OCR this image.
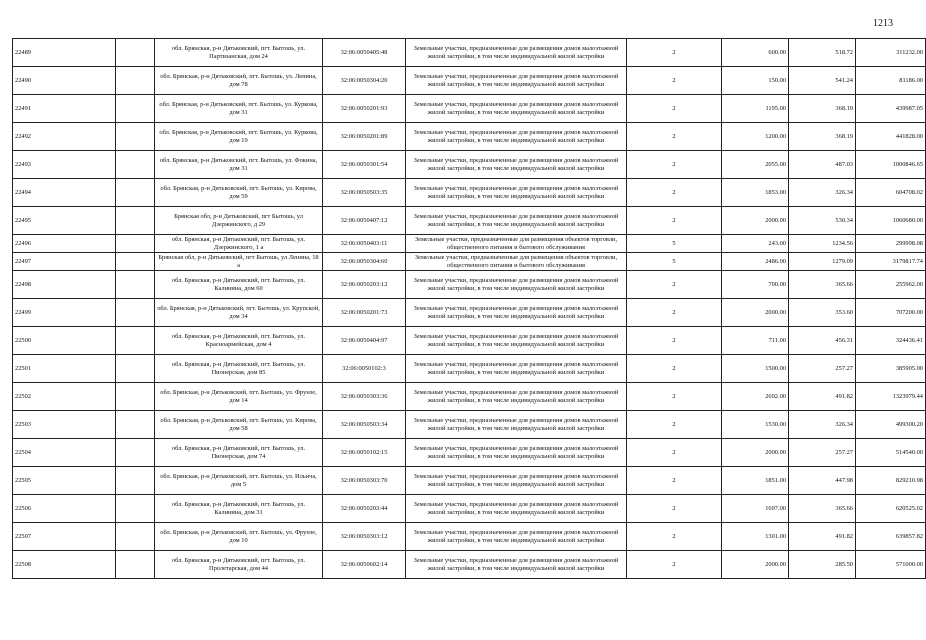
1213
22489		обл. Брянская, р-н Дятьковский, пгт. Бытошь, ул. Партизанская, дом 24	32:06:0050405:48	Земельные участки, предназначенные для размещения домов малоэтажной жилой застройки, в том числе индивидуальной жилой застройки	2	600.00	518.72	311232.00
22490		обл. Брянская, р-н Дятьковский, пгт. Бытошь, ул. Ленина, дом 78	32:06:0050304:20	Земельные участки, предназначенные для размещения домов малоэтажной жилой застройки, в том числе индивидуальной жилой застройки	2	150.00	541.24	81186.00
22491		обл. Брянская, р-н Дятьковский, пгт. Бытошь, ул. Куркова, дом 31	32:06:0050201:93	Земельные участки, предназначенные для размещения домов малоэтажной жилой застройки, в том числе индивидуальной жилой застройки	2	1195.00	368.19	439987.05
22492		обл. Брянская, р-н Дятьковский, пгт. Бытошь, ул. Куркова, дом 19	32:06:0050201:89	Земельные участки, предназначенные для размещения домов малоэтажной жилой застройки, в том числе индивидуальной жилой застройки	2	1200.00	368.19	441828.00
22493		обл. Брянская, р-н Дятьковский, пгт. Бытошь, ул. Фокина, дом 31	32:06:0050301:54	Земельные участки, предназначенные для размещения домов малоэтажной жилой застройки, в том числе индивидуальной жилой застройки	2	2055.00	487.03	1000846.65
22494		обл. Брянская, р-н Дятьковский, пгт. Бытошь, ул. Кирова, дом 59	32:06:0050503:35	Земельные участки, предназначенные для размещения домов малоэтажной жилой застройки, в том числе индивидуальной жилой застройки	2	1853.00	326.34	604708.02
22495		Брянская обл, р-н Дятьковский, пгт Бытошь, ул Дзержинского, д 29	32:06:0050407:12	Земельные участки, предназначенные для размещения домов малоэтажной жилой застройки, в том числе индивидуальной жилой застройки	2	2000.00	530.34	1060680.00
22496		обл. Брянская, р-н Дятьковский, пгт. Бытошь, ул. Дзержинского, 1 а	32:06:0050403:11	Земельные участки, предназначенные для размещения объектов торговли, общественного питания и бытового обслуживания	5	243.00	1234.56	299998.08
22497		Брянская обл, р-н Дятьковский, пгт Бытошь, ул Ленина, 18 а	32:06:0050304:60	Земельные участки, предназначенные для размещения объектов торговли, общественного питания и бытового обслуживания	5	2486.00	1279.09	3179817.74
22498		обл. Брянская, р-н Дятьковский, пгт. Бытошь, ул. Калинина, дом 60	32:06:0050203:12	Земельные участки, предназначенные для размещения домов малоэтажной жилой застройки, в том числе индивидуальной жилой застройки	2	700.00	365.66	255962.00
22499		обл. Брянская, р-н Дятьковский, пгт. Бытошь, ул. Крупской, дом 34	32:06:0050201:73	Земельные участки, предназначенные для размещения домов малоэтажной жилой застройки, в том числе индивидуальной жилой застройки	2	2000.00	353.60	707200.00
22500		обл. Брянская, р-н Дятьковский, пгт. Бытошь, ул. Красноармейская, дом 4	32:06:0050404:97	Земельные участки, предназначенные для размещения домов малоэтажной жилой застройки, в том числе индивидуальной жилой застройки	2	711.00	456.31	324436.41
22501		обл. Брянская, р-н Дятьковский, пгт. Бытошь, ул. Пионерская, дом 85	32:06:0050102:3	Земельные участки, предназначенные для размещения домов малоэтажной жилой застройки, в том числе индивидуальной жилой застройки	2	1500.00	257.27	385905.00
22502		обл. Брянская, р-н Дятьковский, пгт. Бытошь, ул. Фрунзе, дом 14	32:06:0050303:36	Земельные участки, предназначенные для размещения домов малоэтажной жилой застройки, в том числе индивидуальной жилой застройки	2	2692.00	491.82	1323979.44
22503		обл. Брянская, р-н Дятьковский, пгт. Бытошь, ул. Кирова, дом 58	32:06:0050503:34	Земельные участки, предназначенные для размещения домов малоэтажной жилой застройки, в том числе индивидуальной жилой застройки	2	1530.00	326.34	499300.20
22504		обл. Брянская, р-н Дятьковский, пгт. Бытошь, ул. Пионерская, дом 74	32:06:0050102:15	Земельные участки, предназначенные для размещения домов малоэтажной жилой застройки, в том числе индивидуальной жилой застройки	2	2000.00	257.27	514540.00
22505		обл. Брянская, р-н Дятьковский, пгт. Бытошь, ул. Ильича, дом 5	32:06:0050303:70	Земельные участки, предназначенные для размещения домов малоэтажной жилой застройки, в том числе индивидуальной жилой застройки	2	1851.00	447.98	829210.98
22506		обл. Брянская, р-н Дятьковский, пгт. Бытошь, ул. Калинина, дом 31	32:06:0050203:44	Земельные участки, предназначенные для размещения домов малоэтажной жилой застройки, в том числе индивидуальной жилой застройки	2	1697.00	365.66	620525.02
22507		обл. Брянская, р-н Дятьковский, пгт. Бытошь, ул. Фрунзе, дом 10	32:06:0050303:12	Земельные участки, предназначенные для размещения домов малоэтажной жилой застройки, в том числе индивидуальной жилой застройки	2	1301.00	491.82	639857.82
22508		обл. Брянская, р-н Дятьковский, пгт. Бытошь, ул. Пролетарская, дом 44	32:06:0050602:14	Земельные участки, предназначенные для размещения домов малоэтажной жилой застройки, в том числе индивидуальной жилой застройки	2	2000.00	285.50	571000.00
